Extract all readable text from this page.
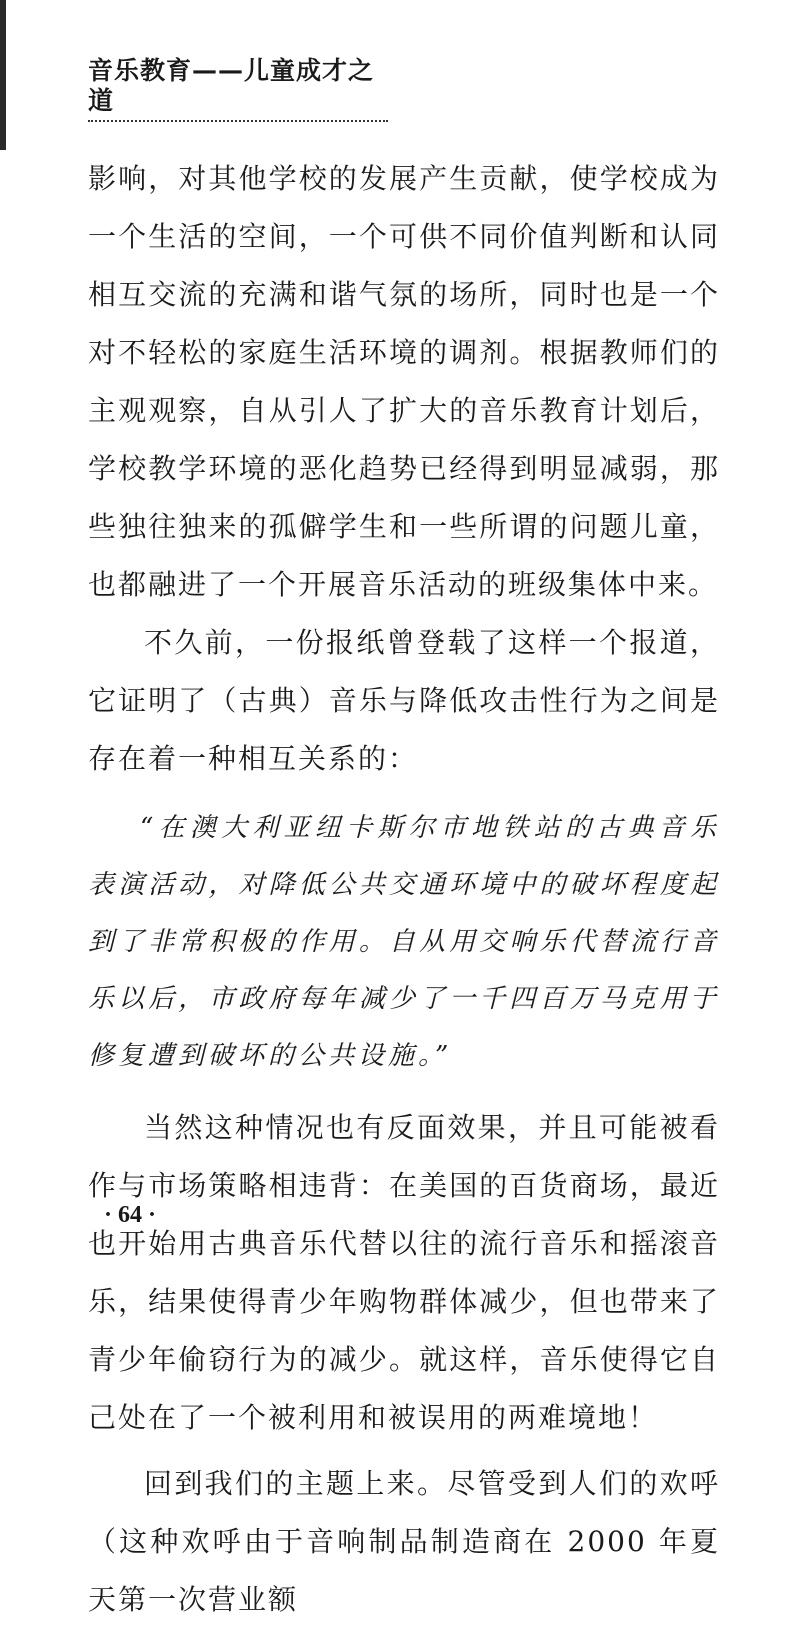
音乐教育——儿童成才之道

影响，对其他学校的发展产生贡献，使学校成为一个生活的空间，一个可供不同价值判断和认同相互交流的充满和谐气氛的场所，同时也是一个对不轻松的家庭生活环境的调剂。根据教师们的主观观察，自从引人了扩大的音乐教育计划后，学校教学环境的恶化趋势已经得到明显减弱，那些独往独来的孤僻学生和一些所谓的问题儿童，也都融进了一个开展音乐活动的班级集体中来。

不久前，一份报纸曾登载了这样一个报道，它证明了（古典）音乐与降低攻击性行为之间是存在着一种相互关系的：

“在澳大利亚纽卡斯尔市地铁站的古典音乐表演活动，对降低公共交通环境中的破坏程度起到了非常积极的作用。自从用交响乐代替流行音乐以后，市政府每年减少了一千四百万马克用于修复遭到破坏的公共设施。”

当然这种情况也有反面效果，并且可能被看作与市场策略相违背：在美国的百货商场，最近也开始用古典音乐代替以往的流行音乐和摇滚音乐，结果使得青少年购物群体减少，但也带来了青少年偷窃行为的减少。就这样，音乐使得它自己处在了一个被利用和被误用的两难境地！

回到我们的主题上来。尽管受到人们的欢呼（这种欢呼由于音响制品制造商在 2000 年夏天第一次营业额

· 64 ·
